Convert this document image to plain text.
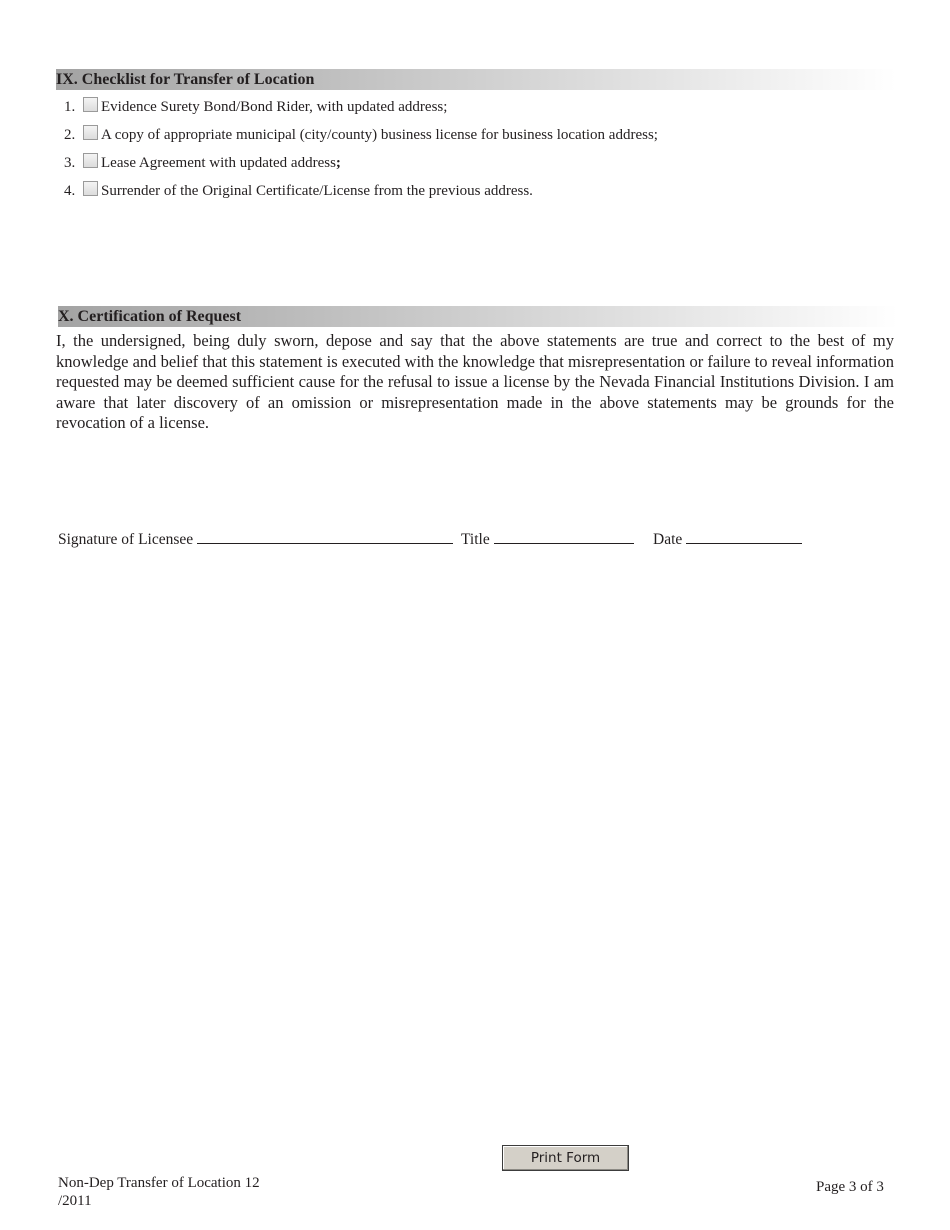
IX. Checklist for Transfer of Location
1.	Evidence Surety Bond/Bond Rider, with updated address;
2.	A copy of appropriate municipal (city/county) business license for business location address;
3.	Lease Agreement with updated address;
4.	Surrender of the Original Certificate/License from the previous address.
X. Certification of Request

I, the undersigned, being duly sworn, depose and say that the above statements are true and correct to the best of my knowledge and belief that this statement is executed with the knowledge that misrepresentation or failure to reveal information requested may be deemed sufficient cause for the refusal to issue a license by the Nevada Financial Institutions Division. I am aware that later discovery of an omission or misrepresentation made in the above statements may be grounds for the revocation of a license.

Signature of Licensee	Title	Date
Print Form
Non-Dep Transfer of Location 12
/2011
Page 3 of 3
